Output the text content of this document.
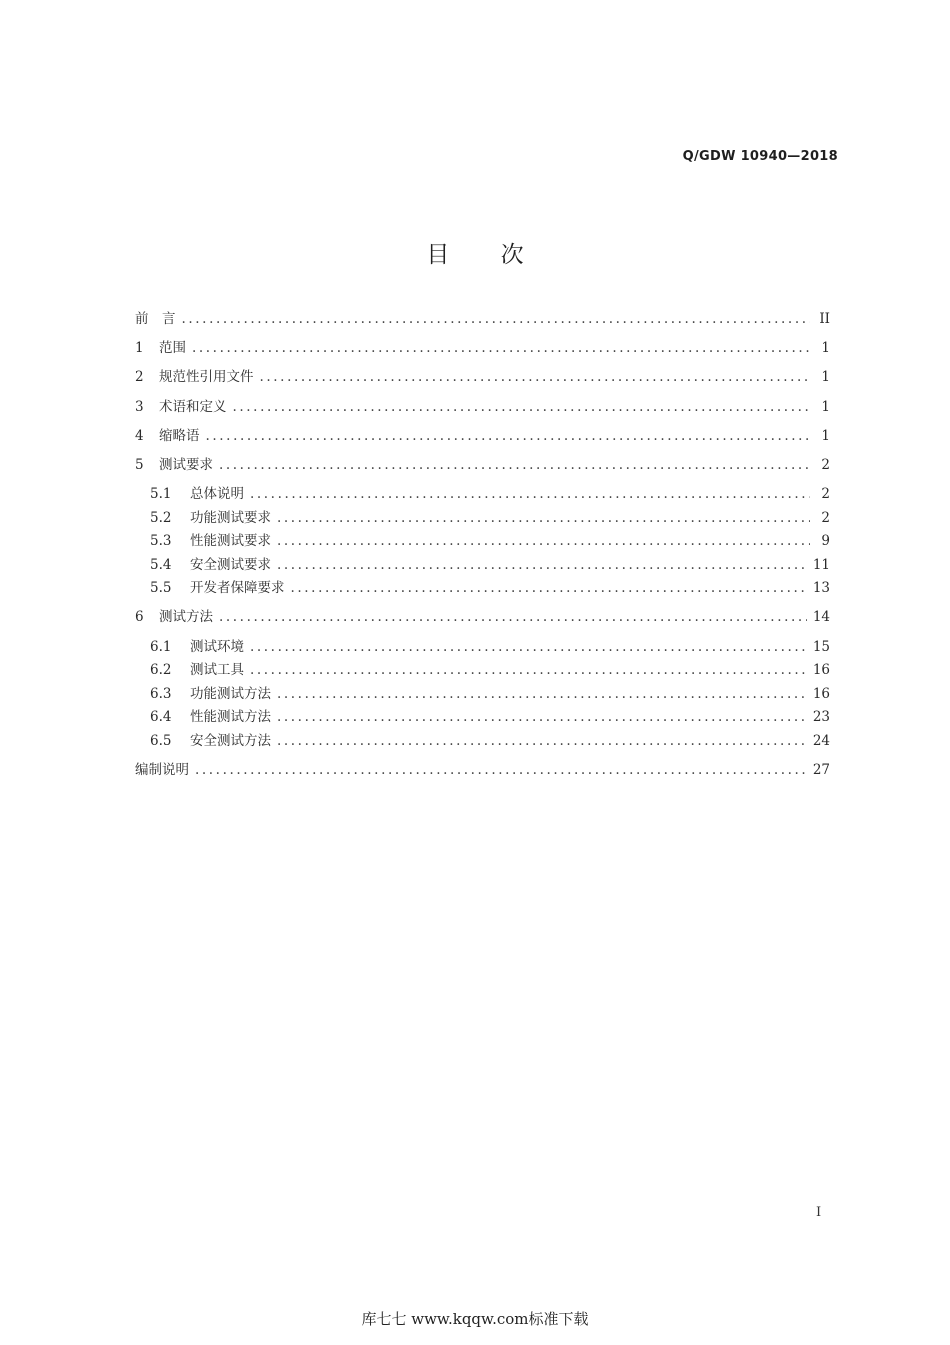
Q/GDW 10940—2018
目 次
前　言 .....	II
1	范围 .....	1
2	规范性引用文件 .....	1
3	术语和定义 .....	1
4	缩略语 .....	1
5	测试要求 .....	2
5.1	总体说明 .....	2
5.2	功能测试要求 .....	2
5.3	性能测试要求 .....	9
5.4	安全测试要求 .....	11
5.5	开发者保障要求 .....	13
6	测试方法 .....	14
6.1	测试环境 .....	15
6.2	测试工具 .....	16
6.3	功能测试方法 .....	16
6.4	性能测试方法 .....	23
6.5	安全测试方法 .....	24
编制说明 .....	27
I
库七七 www.kqqw.com标准下载
